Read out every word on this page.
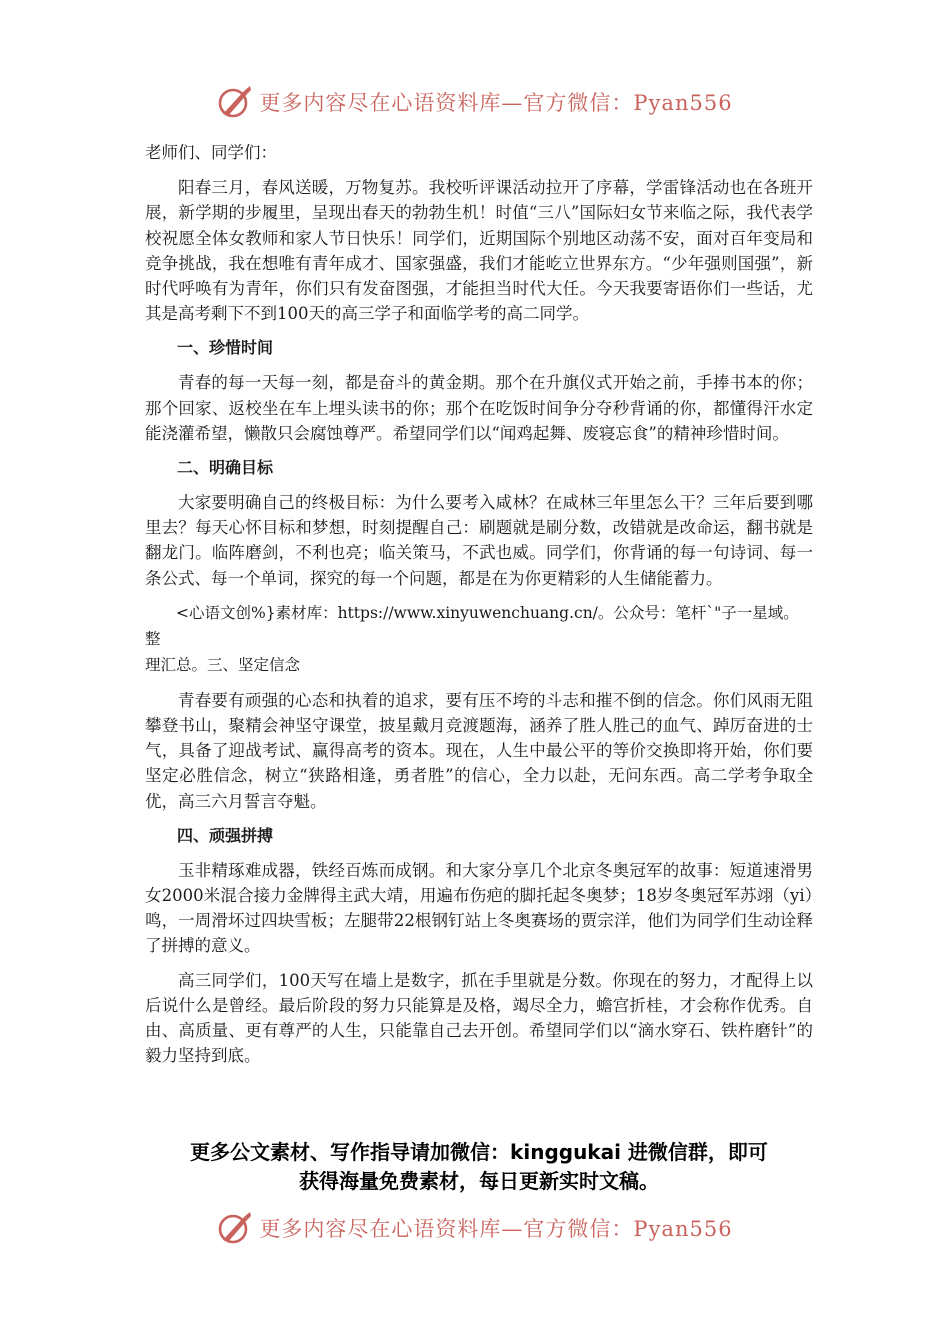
更多内容尽在心语资料库—官方微信：Pyan556

老师们、同学们：

阳春三月，春风送暖，万物复苏。我校听评课活动拉开了序幕，学雷锋活动也在各班开展，新学期的步履里，呈现出春天的勃勃生机！时值“三八”国际妇女节来临之际，我代表学校祝愿全体女教师和家人节日快乐！同学们，近期国际个别地区动荡不安，面对百年变局和竞争挑战，我在想唯有青年成才、国家强盛，我们才能屹立世界东方。“少年强则国强”，新时代呼唤有为青年，你们只有发奋图强，才能担当时代大任。今天我要寄语你们一些话，尤其是高考剩下不到100天的高三学子和面临学考的高二同学。

一、珍惜时间

青春的每一天每一刻，都是奋斗的黄金期。那个在升旗仪式开始之前，手捧书本的你；那个回家、返校坐在车上埋头读书的你；那个在吃饭时间争分夺秒背诵的你，都懂得汗水定能浇灌希望，懒散只会腐蚀尊严。希望同学们以“闻鸡起舞、废寝忘食”的精神珍惜时间。

二、明确目标

大家要明确自己的终极目标：为什么要考入咸林？在咸林三年里怎么干？三年后要到哪里去？每天心怀目标和梦想，时刻提醒自己：刷题就是刷分数，改错就是改命运，翻书就是翻龙门。临阵磨剑，不利也亮；临关策马，不武也威。同学们，你背诵的每一句诗词、每一条公式、每一个单词，探究的每一个问题，都是在为你更精彩的人生储能蓄力。

<心语文创%}素材库：https://www.xinyuwenchuang.cn/。公众号：笔杆`"子一星域。整
理汇总。三、坚定信念

青春要有顽强的心态和执着的追求，要有压不垮的斗志和摧不倒的信念。你们风雨无阻攀登书山，聚精会神坚守课堂，披星戴月竞渡题海，涵养了胜人胜己的血气、踔厉奋进的士气，具备了迎战考试、赢得高考的资本。现在，人生中最公平的等价交换即将开始，你们要坚定必胜信念，树立“狭路相逢，勇者胜”的信心，全力以赴，无问东西。高二学考争取全优，高三六月誓言夺魁。

四、顽强拼搏

玉非精琢难成器，铁经百炼而成钢。和大家分享几个北京冬奥冠军的故事：短道速滑男女2000米混合接力金牌得主武大靖，用遍布伤疤的脚托起冬奥梦；18岁冬奥冠军苏翊（yi）鸣，一周滑坏过四块雪板；左腿带22根钢钉站上冬奥赛场的贾宗洋，他们为同学们生动诠释了拼搏的意义。

高三同学们，100天写在墙上是数字，抓在手里就是分数。你现在的努力，才配得上以后说什么是曾经。最后阶段的努力只能算是及格，竭尽全力，蟾宫折桂，才会称作优秀。自由、高质量、更有尊严的人生，只能靠自己去开创。希望同学们以“滴水穿石、铁杵磨针”的毅力坚持到底。

更多公文素材、写作指导请加微信：kinggukai 进微信群，即可
获得海量免费素材，每日更新实时文稿。
更多内容尽在心语资料库—官方微信：Pyan556
